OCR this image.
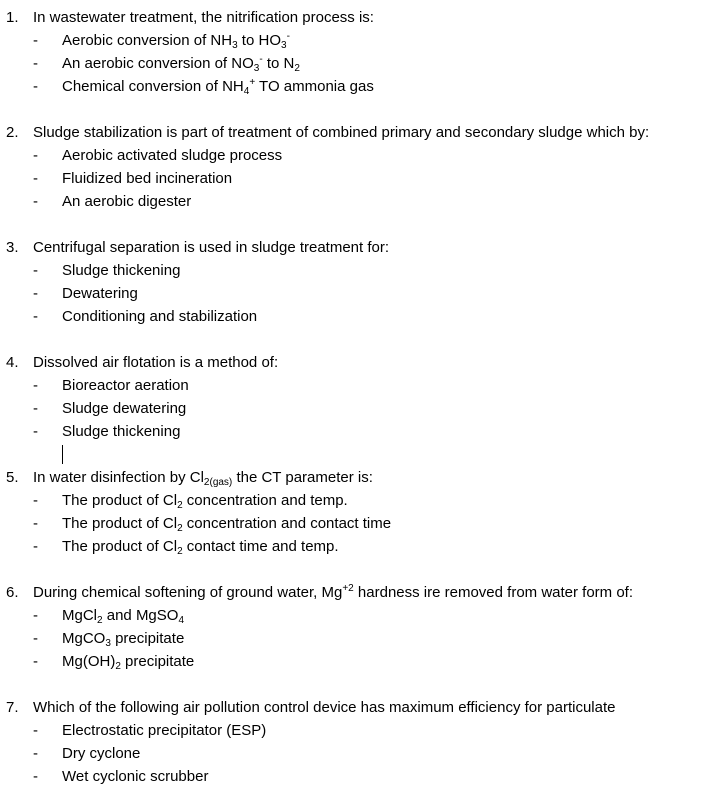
1. In wastewater treatment, the nitrification process is:
-	Aerobic conversion of $NH_3$ to $HO_3^-$
-	An aerobic conversion of $NO_3^-$ to $N_2$
-	Chemical conversion of $NH_4^+$ TO ammonia gas
2. Sludge stabilization is part of treatment of combined primary and secondary sludge which by:
-	Aerobic activated sludge process
-	Fluidized bed incineration
-	An aerobic digester
3. Centrifugal separation is used in sludge treatment for:
-	Sludge thickening
-	Dewatering
-	Conditioning and stabilization
4. Dissolved air flotation is a method of:
-	Bioreactor aeration
-	Sludge dewatering
-	Sludge thickening
5. In water disinfection by $Cl_{2(gas)}$ the CT parameter is:
-	The product of $Cl_2$ concentration and temp.
-	The product of $Cl_2$ concentration and contact time
-	The product of $Cl_2$ contact time and temp.
6. During chemical softening of ground water, $Mg^{+2}$ hardness ire removed from water form of:
-	MgCl$_2$ and MgSO$_4$
-	MgCO$_3$ precipitate
-	$Mg(OH)_2$ precipitate
7. Which of the following air pollution control device has maximum efficiency for particulate
-	Electrostatic precipitator (ESP)
-	Dry cyclone
-	Wet cyclonic scrubber
